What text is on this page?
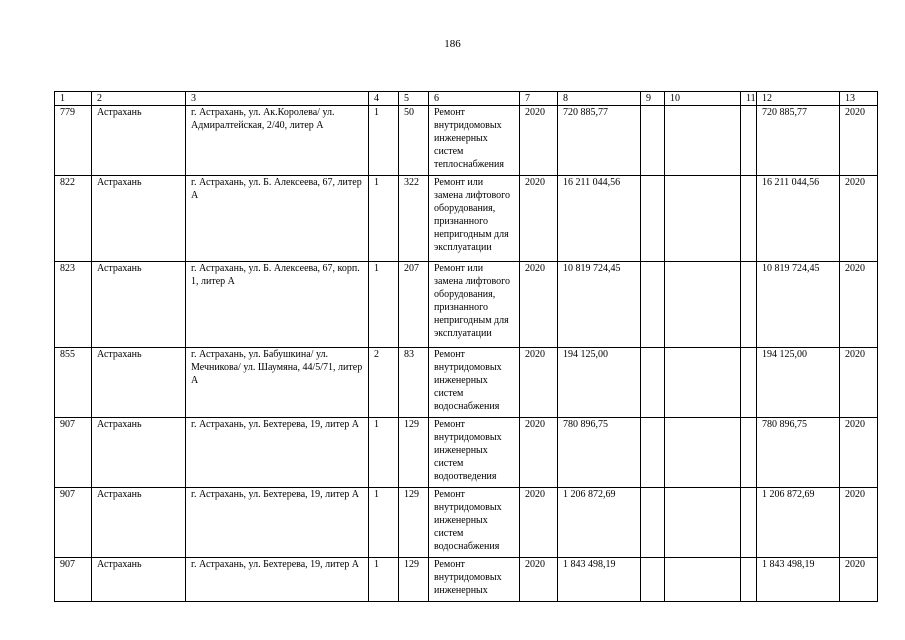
186
1	2	3	4	5	6	7	8	9	10	11	12	13
779	Астрахань	г. Астрахань, ул. Ак.Королева/ ул. Адмиралтейская, 2/40, литер А	1	50	Ремонт внутридомовых инженерных систем теплоснабжения	2020	720 885,77				720 885,77	2020
822	Астрахань	г. Астрахань, ул. Б. Алексеева, 67, литер А	1	322	Ремонт или замена лифтового оборудования, признанного непригодным для эксплуатации	2020	16 211 044,56				16 211 044,56	2020
823	Астрахань	г. Астрахань, ул. Б. Алексеева, 67, корп. 1, литер А	1	207	Ремонт или замена лифтового оборудования, признанного непригодным для эксплуатации	2020	10 819 724,45				10 819 724,45	2020
855	Астрахань	г. Астрахань, ул. Бабушкина/ ул. Мечникова/ ул. Шаумяна, 44/5/71, литер А	2	83	Ремонт внутридомовых инженерных систем водоснабжения	2020	194 125,00				194 125,00	2020
907	Астрахань	г. Астрахань, ул. Бехтерева, 19, литер А	1	129	Ремонт внутридомовых инженерных систем водоотведения	2020	780 896,75				780 896,75	2020
907	Астрахань	г. Астрахань, ул. Бехтерева, 19, литер А	1	129	Ремонт внутридомовых инженерных систем водоснабжения	2020	1 206 872,69				1 206 872,69	2020
907	Астрахань	г. Астрахань, ул. Бехтерева, 19, литер А	1	129	Ремонт внутридомовых инженерных	2020	1 843 498,19				1 843 498,19	2020
